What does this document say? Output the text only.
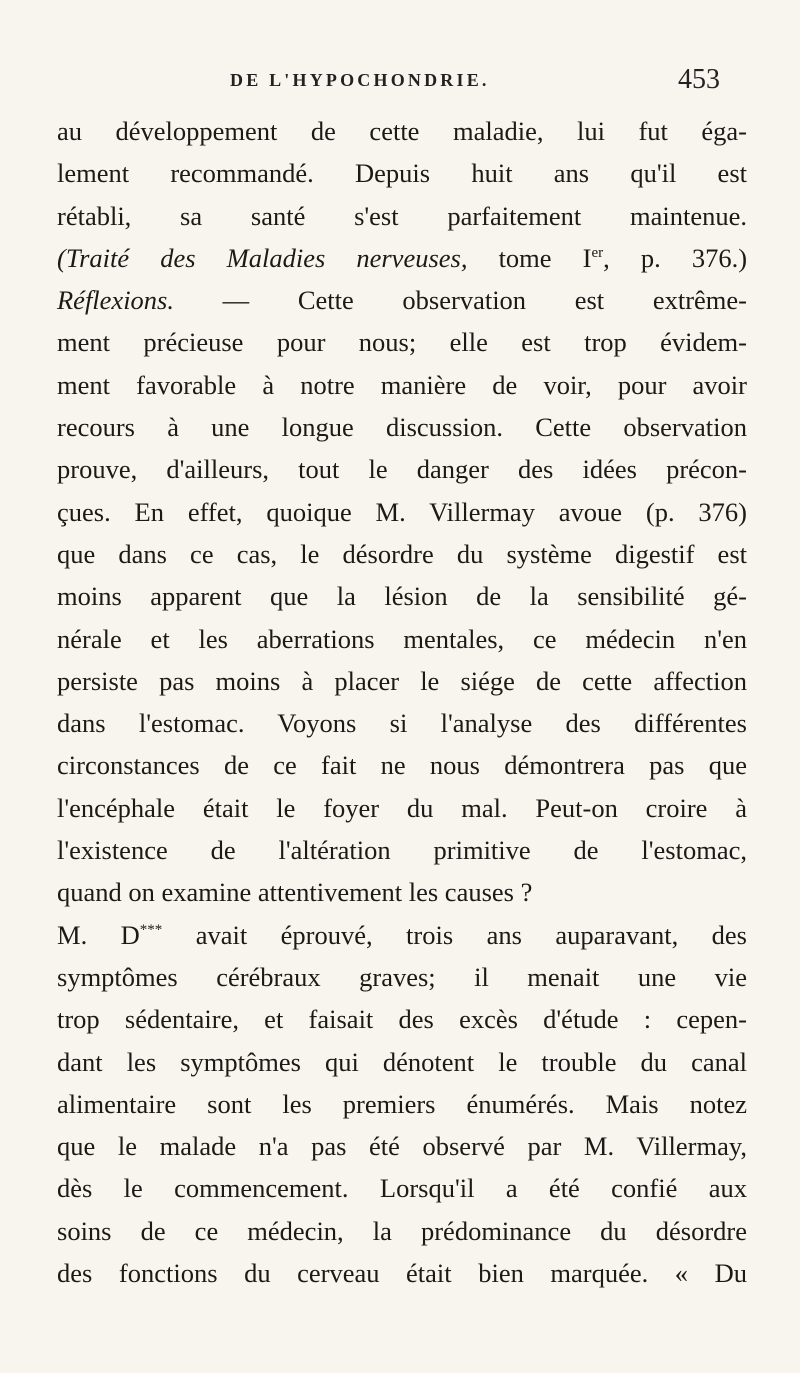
DE L'HYPOCHONDRIE.	453
au développement de cette maladie, lui fut éga-
lement recommandé. Depuis huit ans qu'il est
rétabli, sa santé s'est parfaitement maintenue.
(Traité des Maladies nerveuses, tome Ier, p. 376.)
Réflexions. — Cette observation est extrême-
ment précieuse pour nous; elle est trop évidem-
ment favorable à notre manière de voir, pour avoir
recours à une longue discussion. Cette observation
prouve, d'ailleurs, tout le danger des idées précon-
çues. En effet, quoique M. Villermay avoue (p. 376)
que dans ce cas, le désordre du système digestif est
moins apparent que la lésion de la sensibilité gé-
nérale et les aberrations mentales, ce médecin n'en
persiste pas moins à placer le siége de cette affection
dans l'estomac. Voyons si l'analyse des différentes
circonstances de ce fait ne nous démontrera pas que
l'encéphale était le foyer du mal. Peut-on croire à
l'existence de l'altération primitive de l'estomac,
quand on examine attentivement les causes ?
M. D*** avait éprouvé, trois ans auparavant, des
symptômes cérébraux graves; il menait une vie
trop sédentaire, et faisait des excès d'étude : cepen-
dant les symptômes qui dénotent le trouble du canal
alimentaire sont les premiers énumérés. Mais notez
que le malade n'a pas été observé par M. Villermay,
dès le commencement. Lorsqu'il a été confié aux
soins de ce médecin, la prédominance du désordre
des fonctions du cerveau était bien marquée. « Du
